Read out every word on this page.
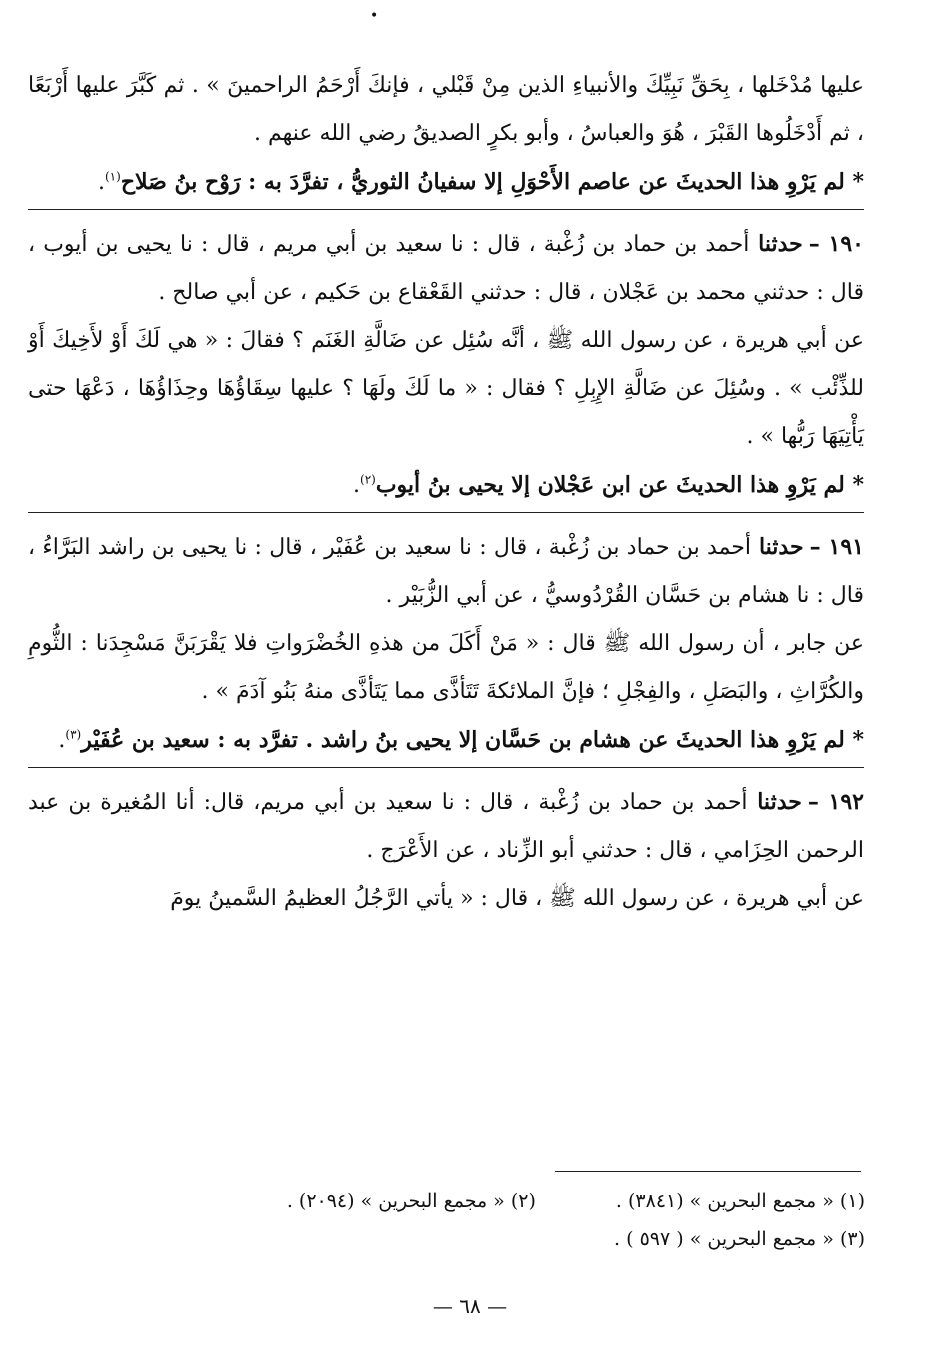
•

عليها مُدْخَلها ، بِحَقِّ نَبِيِّكَ والأنبياءِ الذين مِنْ قَبْلي ، فإنكَ أَرْحَمُ الراحمينَ » . ثم كَبَّرَ عليها أَرْبَعًا ، ثم أَدْخَلُوها القَبْرَ ، هُوَ والعباسُ ، وأبو بكرٍ الصديقُ رضي الله عنهم .

* لم يَرْوِ هذا الحديثَ عن عاصم الأَحْوَلِ إلا سفيانُ الثوريُّ ، تفرَّدَ به : رَوْح بنُ صَلاح$^{(١)}$.

١٩٠ –حدثنا أحمد بن حماد بن زُغْبة ، قال : نا سعيد بن أبي مريم ، قال : نا يحيى بن أيوب ، قال : حدثني محمد بن عَجْلان ، قال : حدثني القَعْقاع بن حَكيم ، عن أبي صالح .

عن أبي هريرة ، عن رسول الله ﷺ ، أنَّه سُئِل عن ضَالَّةِ الغَنَم ؟ فقالَ : « هي لَكَ أَوْ لأَخِيكَ أَوْ للذِّئْب » . وسُئِلَ عن ضَالَّةِ الإِبِلِ ؟ فقال : « ما لَكَ ولَهَا ؟ عليها سِقَاؤُهَا وحِذَاؤُهَا ، دَعْهَا حتى يَأْتِيَهَا رَبُّها » .

* لم يَرْوِ هذا الحديثَ عن ابن عَجْلان إلا يحيى بنُ أيوب$^{(٢)}$.

١٩١ –حدثنا أحمد بن حماد بن زُغْبة ، قال : نا سعيد بن عُفَيْر ، قال : نا يحيى بن راشد البَرَّاءُ ، قال : نا هشام بن حَسَّان القُرْدُوسيُّ ، عن أبي الزُّبَيْر .

عن جابر ، أن رسول الله ﷺ قال : « مَنْ أَكَلَ من هذهِ الخُضْرَواتِ فلا يَقْرَبَنَّ مَسْجِدَنا : الثُّومِ والكُرَّاثِ ، والبَصَلِ ، والفِجْلِ ؛ فإنَّ الملائكةَ تَتَأذَّى مما يَتَأذَّى منهُ بَنُو آدَمَ » .

* لم يَرْوِ هذا الحديثَ عن هشام بن حَسَّان إلا يحيى بنُ راشد . تفرَّد به : سعيد بن عُفَيْر$^{(٣)}$.

١٩٢ –حدثنا أحمد بن حماد بن زُغْبة ، قال : نا سعيد بن أبي مريم، قال: أنا المُغيرة بن عبد الرحمن الحِزَامي ، قال : حدثني أبو الزِّناد ، عن الأَعْرَج .

عن أبي هريرة ، عن رسول الله ﷺ ، قال : « يأتي الرَّجُلُ العظيمُ السَّمينُ يومَ

(١) « مجمع البحرين » (٣٨٤١) .
(٢) « مجمع البحرين » (٢٠٩٤) .
(٣) « مجمع البحرين » ( ٥٩٧ ) .
— ٦٨ —
